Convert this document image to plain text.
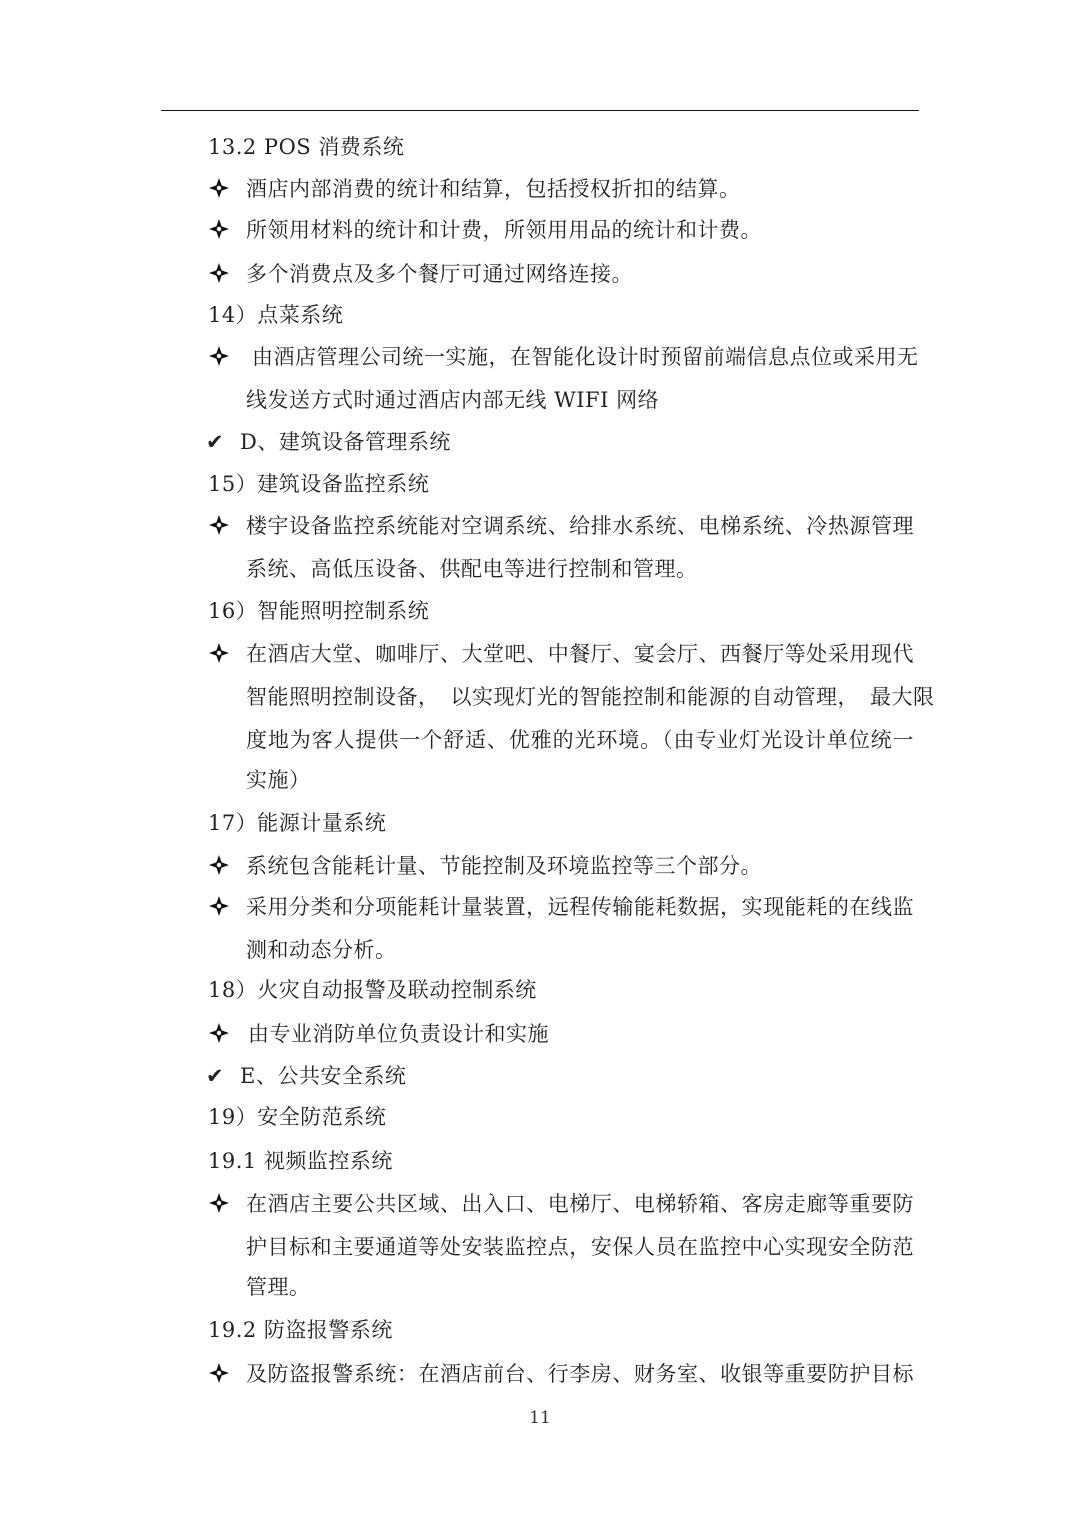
13.2 POS 消费系统
酒店内部消费的统计和结算，包括授权折扣的结算。
所领用材料的统计和计费，所领用用品的统计和计费。
多个消费点及多个餐厅可通过网络连接。
14）点菜系统
由酒店管理公司统一实施，在智能化设计时预留前端信息点位或采用无
线发送方式时通过酒店内部无线 WIFI 网络
✔ D、建筑设备管理系统
15）建筑设备监控系统
楼宇设备监控系统能对空调系统、给排水系统、电梯系统、冷热源管理
系统、高低压设备、供配电等进行控制和管理。
16）智能照明控制系统
在酒店大堂、咖啡厅、大堂吧、中餐厅、宴会厅、西餐厅等处采用现代
智能照明控制设备，　以实现灯光的智能控制和能源的自动管理，　最大限
度地为客人提供一个舒适、优雅的光环境。（由专业灯光设计单位统一
实施）
17）能源计量系统
系统包含能耗计量、节能控制及环境监控等三个部分。
采用分类和分项能耗计量装置，远程传输能耗数据，实现能耗的在线监
测和动态分析。
18）火灾自动报警及联动控制系统
由专业消防单位负责设计和实施
✔ E、公共安全系统
19）安全防范系统
19.1 视频监控系统
在酒店主要公共区域、出入口、电梯厅、电梯轿箱、客房走廊等重要防
护目标和主要通道等处安装监控点，安保人员在监控中心实现安全防范
管理。
19.2 防盗报警系统
及防盗报警系统：在酒店前台、行李房、财务室、收银等重要防护目标
11
